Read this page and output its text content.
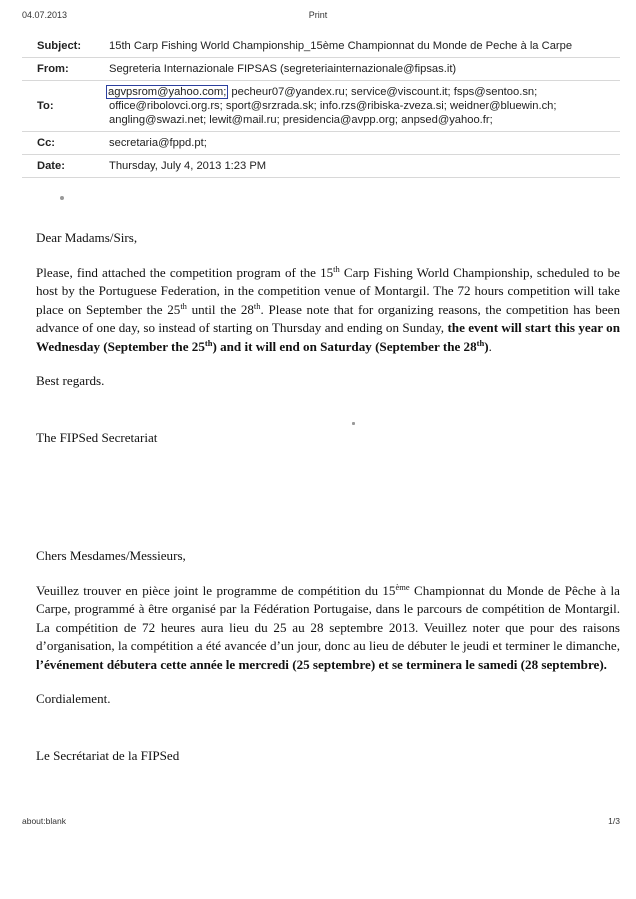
04.07.2013	Print
Subject:	15th Carp Fishing World Championship_15ème Championnat du Monde de Peche à la Carpe
From:	Segreteria Internazionale FIPSAS (segreteriainternazionale@fipsas.it)
To:
agvpsrom@yahoo.com; pecheur07@yandex.ru; service@viscount.it; fsps@sentoo.sn;
office@ribolovci.org.rs; sport@srzrada.sk; info.rzs@ribiska-zveza.si; weidner@bluewin.ch;
angling@swazi.net; lewit@mail.ru; presidencia@avpp.org; anpsed@yahoo.fr;
Cc:	secretaria@fppd.pt;
Date:	Thursday, July 4, 2013 1:23 PM

Dear Madams/Sirs,

Please, find attached the competition program of the 15th Carp Fishing World Championship, scheduled to be host by the Portuguese Federation, in the competition venue of Montargil. The 72 hours competition will take place on September the 25th until the 28th. Please note that for organizing reasons, the competition has been advance of one day, so instead of starting on Thursday and ending on Sunday, the event will start this year on Wednesday (September the 25th) and it will end on Saturday (September the 28th).

Best regards.

The FIPSed Secretariat

Chers Mesdames/Messieurs,

Veuillez trouver en pièce joint le programme de compétition du 15ème Championnat du Monde de Pêche à la Carpe, programmé à être organisé par la Fédération Portugaise, dans le parcours de compétition de Montargil. La compétition de 72 heures aura lieu du 25 au 28 septembre 2013. Veuillez noter que pour des raisons d’organisation, la compétition a été avancée d’un jour, donc au lieu de débuter le jeudi et terminer le dimanche, l’événement débutera cette année le mercredi (25 septembre) et se terminera le samedi (28 septembre).

Cordialement.

Le Secrétariat de la FIPSed

about:blank	1/3
